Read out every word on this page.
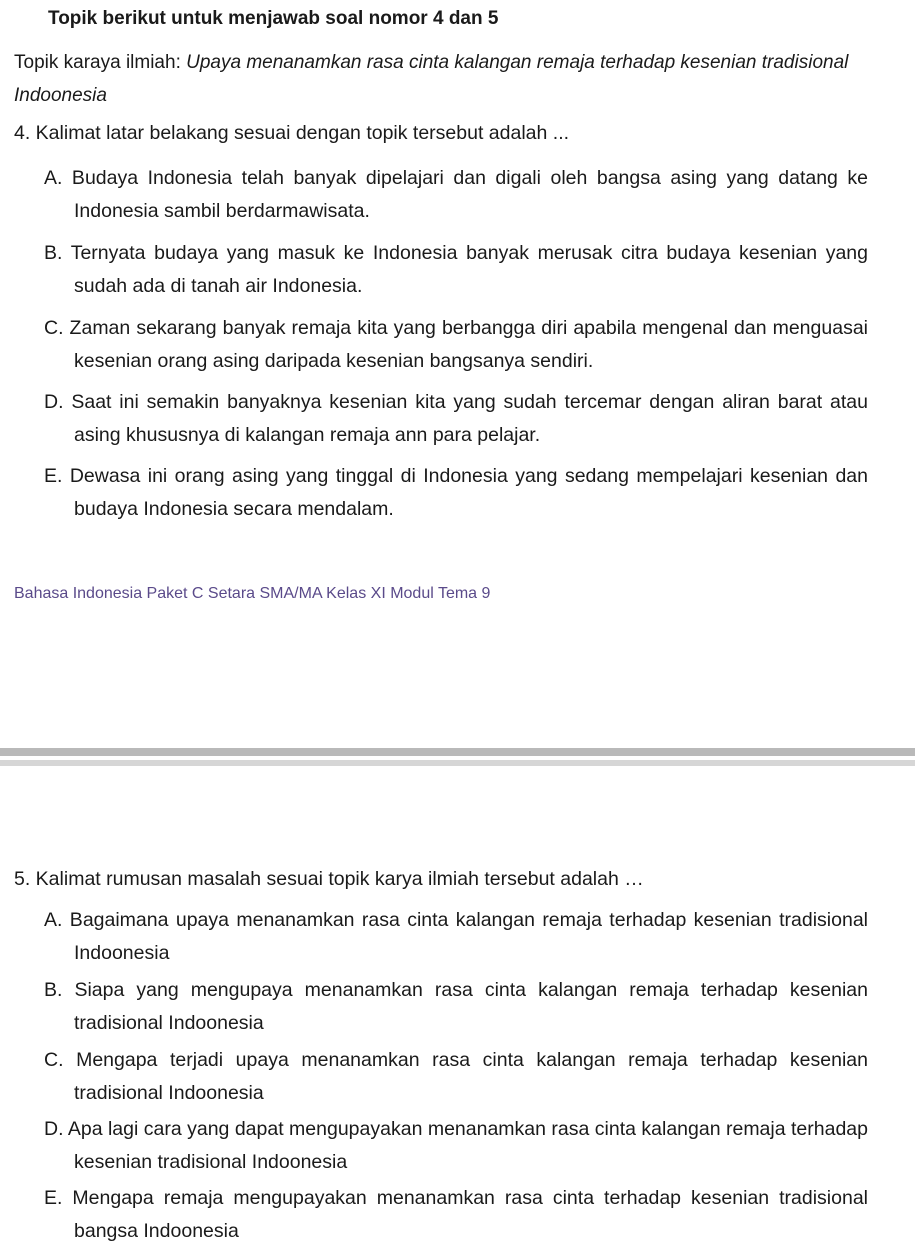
Topik berikut untuk menjawab soal nomor 4 dan 5
Topik karaya ilmiah: Upaya menanamkan rasa cinta kalangan remaja terhadap kesenian tradisional Indoonesia
4. Kalimat latar belakang sesuai dengan topik tersebut adalah ...
A. Budaya Indonesia telah banyak dipelajari dan digali oleh bangsa asing yang datang ke Indonesia sambil berdarmawisata.
B. Ternyata budaya yang masuk ke Indonesia banyak merusak citra budaya kesenian yang sudah ada di tanah air Indonesia.
C. Zaman sekarang banyak remaja kita yang berbangga diri apabila mengenal dan menguasai kesenian orang asing daripada kesenian bangsanya sendiri.
D. Saat ini semakin banyaknya kesenian kita yang sudah tercemar dengan aliran barat atau asing khususnya di kalangan remaja ann para pelajar.
E. Dewasa ini orang asing yang tinggal di Indonesia yang sedang mempelajari kesenian dan budaya Indonesia secara mendalam.
Bahasa Indonesia Paket C Setara SMA/MA Kelas XI Modul Tema 9
5. Kalimat rumusan masalah sesuai topik karya ilmiah tersebut adalah …
A. Bagaimana upaya menanamkan rasa cinta kalangan remaja terhadap kesenian tradisional Indoonesia
B. Siapa yang mengupaya menanamkan rasa cinta kalangan remaja terhadap kesenian tradisional Indoonesia
C. Mengapa terjadi upaya menanamkan rasa cinta kalangan remaja terhadap kesenian tradisional Indoonesia
D. Apa lagi cara yang dapat mengupayakan menanamkan rasa cinta kalangan remaja terhadap kesenian tradisional Indoonesia
E. Mengapa remaja mengupayakan menanamkan rasa cinta terhadap kesenian tradisional bangsa Indoonesia
